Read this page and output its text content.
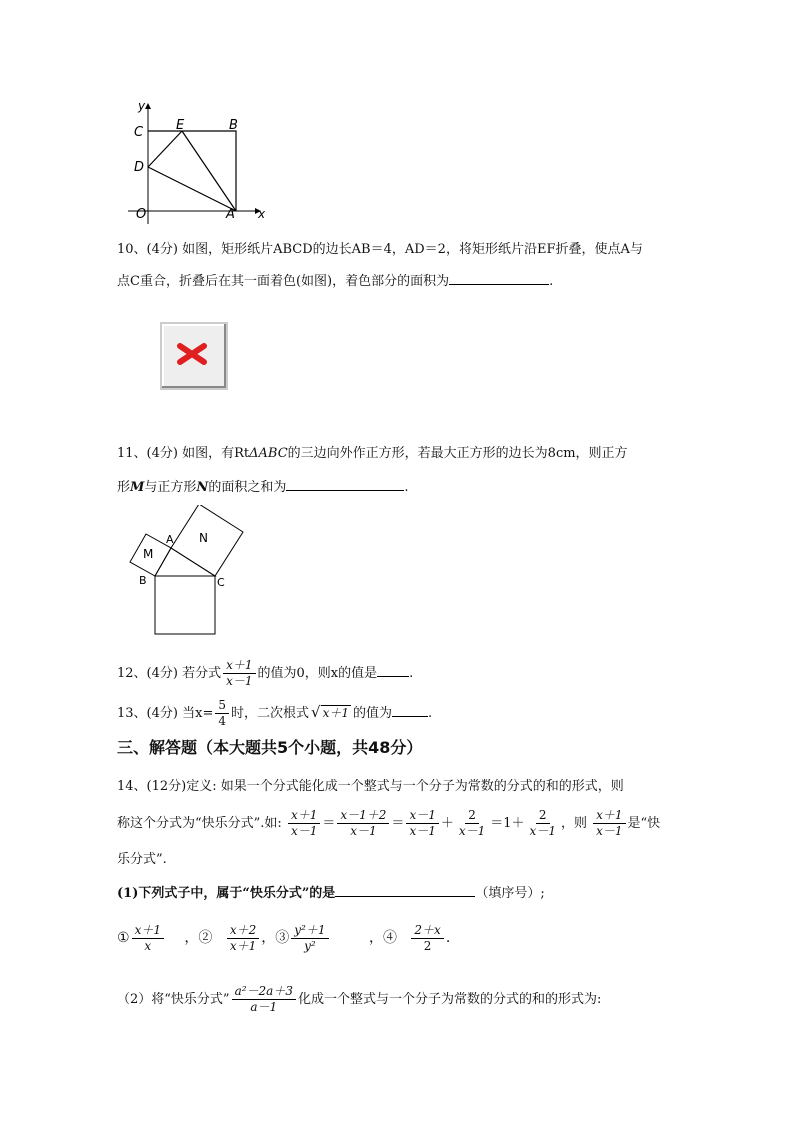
y
C	E	B
D
O	A x
10、(4分) 如图，矩形纸片ABCD的边长AB＝4，AD＝2，将矩形纸片沿EF折叠，使点A与
点C重合，折叠后在其一面着色(如图)，着色部分的面积为	.
11、(4分) 如图，有RtΔABC的三边向外作正方形，若最大正方形的边长为8cm，则正方
形M与正方形N的面积之和为	.
M
A N
B	C
12、(4分) 若分式 $\frac{x+1}{x-1}$ 的值为0，则x的值是 .
13、(4分) 当$x= \frac{5}{4}$ 时，二次根式 √ x＋1 的值为	.
三、解答题（本大题共5个小题，共48分）
14、(12分)定义: 如果一个分式能化成一个整式与一个分子为常数的分式的和的形式，则
称这个分式为“快乐分式”.如: $\frac{x+1}{x-1} = \frac{x-1+2}{x-1} = \frac{x-1}{x-1} + \frac{2}{x-1} =1+ \frac{2}{x-1}$ ，则 $\frac{x+1}{x-1}$ 是“快
乐分式”.
(1)下列式子中，属于“快乐分式”的是	（填序号）;
① $\frac{x+1}{x}$ ，② $\frac{x+2}{x+1}$ ，③ $\frac{\text{y²＋1}}{\text{y²}}$	，④ $\frac{2+x}{2}$ .
（2）将“快乐分式” $\frac{\text{a²－2a＋3}}{a-1}$ 化成一个整式与一个分子为常数的分式的和的形式为:
